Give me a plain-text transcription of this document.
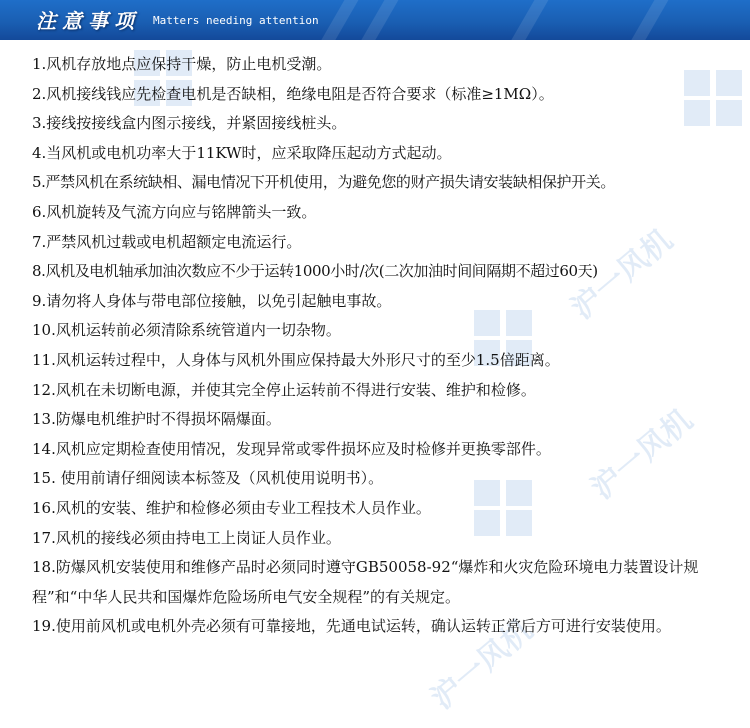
注意事项 Matters needing attention
沪一风机
沪一风机
沪一风机
1.风机存放地点应保持干燥，防止电机受潮。
2.风机接线钱应先检查电机是否缺相，绝缘电阻是否符合要求（标准≥1MΩ）。
3.接线按接线盒内图示接线，并紧固接线桩头。
4.当风机或电机功率大于11KW时，应采取降压起动方式起动。
5.严禁风机在系统缺相、漏电情况下开机使用，为避免您的财产损失请安装缺相保护开关。
6.风机旋转及气流方向应与铭牌箭头一致。
7.严禁风机过载或电机超额定电流运行。
8.风机及电机轴承加油次数应不少于运转1000小时/次(二次加油时间间隔期不超过60天)
9.请勿将人身体与带电部位接触，以免引起触电事故。
10.风机运转前必须清除系统管道内一切杂物。
11.风机运转过程中，人身体与风机外围应保持最大外形尺寸的至少1.5倍距离。
12.风机在未切断电源，并使其完全停止运转前不得进行安装、维护和检修。
13.防爆电机维护时不得损坏隔爆面。
14.风机应定期检查使用情况，发现异常或零件损坏应及时检修并更换零部件。
15. 使用前请仔细阅读本标签及（风机使用说明书）。
16.风机的安装、维护和检修必须由专业工程技术人员作业。
17.风机的接线必须由持电工上岗证人员作业。
18.防爆风机安装使用和维修产品时必须同时遵守GB50058-92“爆炸和火灾危险环境电力装置设计规程”和“中华人民共和国爆炸危险场所电气安全规程”的有关规定。
19.使用前风机或电机外壳必须有可靠接地，先通电试运转，确认运转正常后方可进行安装使用。
